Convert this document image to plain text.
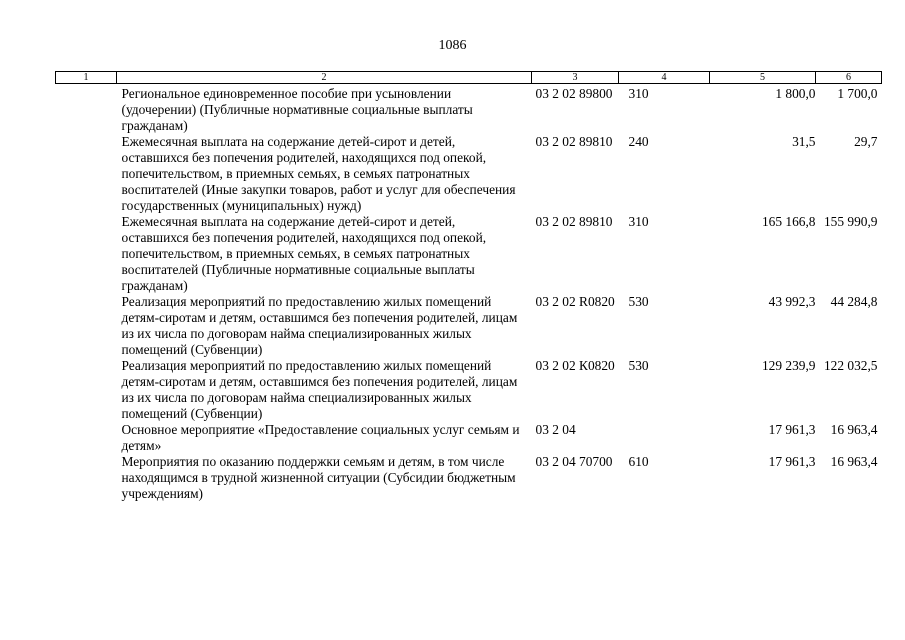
1086
1	2	3	4	5	6
	Региональное единовременное пособие при усыновлении (удочерении) (Публичные нормативные социальные выплаты гражданам)	03 2 02 89800	310	1 800,0	1 700,0
	Ежемесячная выплата на содержание детей-сирот и детей, оставшихся без попечения родителей, находящихся под опекой, попечительством, в приемных семьях, в семьях патронатных воспитателей (Иные закупки товаров, работ и услуг для обеспечения государственных (муниципальных) нужд)	03 2 02 89810	240	31,5	29,7
	Ежемесячная выплата на содержание детей-сирот и детей, оставшихся без попечения родителей, находящихся под опекой, попечительством, в приемных семьях, в семьях патронатных воспитателей (Публичные нормативные социальные выплаты гражданам)	03 2 02 89810	310	165 166,8	155 990,9
	Реализация мероприятий по предоставлению жилых помещений детям-сиротам и детям, оставшимся без попечения родителей, лицам из их числа по договорам найма специализированных жилых помещений (Субвенции)	03 2 02 R0820	530	43 992,3	44 284,8
	Реализация мероприятий по предоставлению жилых помещений детям-сиротам и детям, оставшимся без попечения родителей, лицам из их числа по договорам найма специализированных жилых помещений (Субвенции)	03 2 02 К0820	530	129 239,9	122 032,5
	Основное мероприятие «Предоставление социальных услуг семьям и детям»	03 2 04		17 961,3	16 963,4
	Мероприятия по оказанию поддержки семьям и детям, в том числе находящимся в трудной жизненной ситуации (Субсидии бюджетным учреждениям)	03 2 04 70700	610	17 961,3	16 963,4
